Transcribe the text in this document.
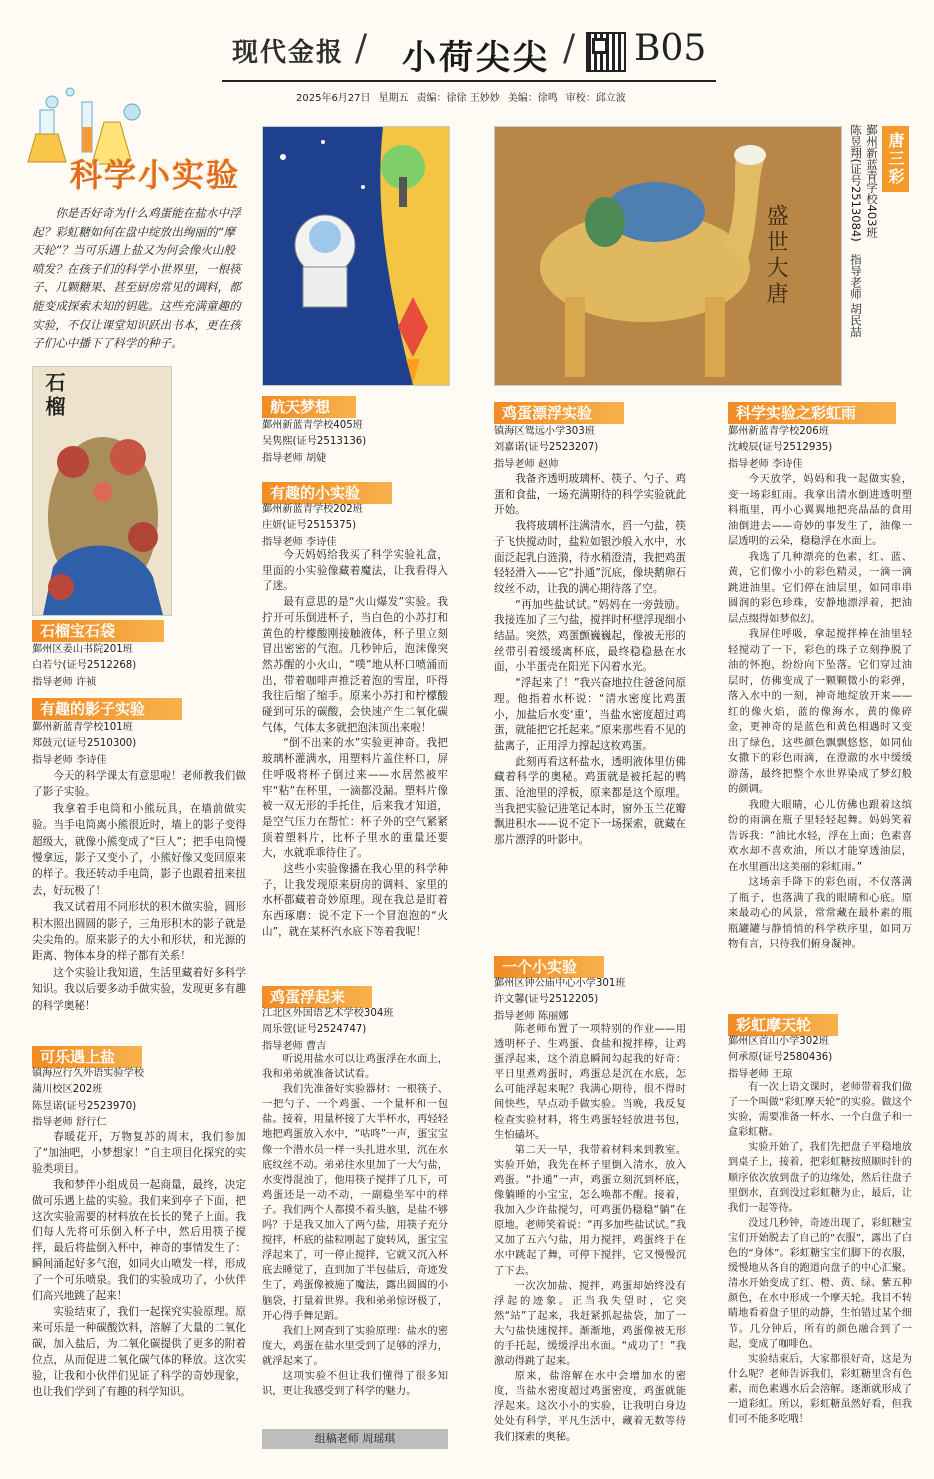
现代金报 / 小荷尖尖 / B05
2025年6月27日 星期五 责编：徐徐 王妙妙 美编：徐鸣 审校：邱立波
科学小实验
你是否好奇为什么鸡蛋能在盐水中浮起？彩虹糖如何在盘中绽放出绚丽的“摩天轮”？当可乐遇上盐又为何会像火山般喷发？在孩子们的科学小世界里，一根筷子、几颗糖果、甚至厨房常见的调料，都能变成探索未知的钥匙。这些充满童趣的实验，不仅让课堂知识跃出书本，更在孩子们心中播下了科学的种子。
石榴
石榴宝石袋
鄞州区姜山书院201班
白若兮(证号2512268)
指导老师 许祯
有趣的影子实验
鄞州新蓝青学校101班
郑鼓元(证号2510300)
指导老师 李诗佳

今天的科学课太有意思啦！老师教我们做了影子实验。

我拿着手电筒和小熊玩具，在墙前做实验。当手电筒离小熊很近时，墙上的影子变得超级大，就像小熊变成了“巨人”；把手电筒慢慢拿远，影子又变小了，小熊好像又变回原来的样子。我还转动手电筒，影子也跟着扭来扭去，好玩极了！

我又试着用不同形状的积木做实验，圆形积木照出圆圆的影子，三角形积木的影子就是尖尖角的。原来影子的大小和形状，和光源的距离、物体本身的样子都有关系！

这个实验让我知道，生活里藏着好多科学知识。我以后要多动手做实验，发现更多有趣的科学奥秘！

可乐遇上盐
镇海应行久外语实验学校
蒲川校区202班
陈昱诺(证号2523970)
指导老师 舒行仁

春暖花开，万物复苏的周末，我们参加了“加油吧，小梦想家！”自主项目化探究的实验类项目。

我和梦伴小组成员一起商量，最终，决定做可乐遇上盐的实验。我们来到亭子下面，把这次实验需要的材料放在长长的凳子上面。我们每人先将可乐倒入杯子中，然后用筷子搅拌，最后将盐倒入杯中，神奇的事情发生了：瞬间涌起好多气泡，如同火山喷发一样，形成了一个可乐喷泉。我们的实验成功了，小伙伴们高兴地跳了起来！

实验结束了，我们一起探究实验原理。原来可乐是一种碳酸饮料，溶解了大量的二氧化碳，加入盐后，为二氧化碳提供了更多的附着位点，从而促进二氧化碳气体的释放。这次实验，让我和小伙伴们见证了科学的奇妙现象，也让我们学到了有趣的科学知识。

航天梦想
鄞州新蓝青学校405班
吴隽熙(证号2513136)
指导老师 胡婕
有趣的小实验
鄞州新蓝青学校202班
庄妍(证号2515375)
指导老师 李诗佳

今天妈妈给我买了科学实验礼盒，里面的小实验像藏着魔法，让我看得入了迷。

最有意思的是“火山爆发”实验。我拧开可乐倒进杯子，当白色的小苏打和黄色的柠檬酸刚接触液体，杯子里立刻冒出密密的气泡。几秒钟后，泡沫像突然苏醒的小火山，“噗”地从杯口喷涌而出，带着咖啡声推泛着泡的雪崖，吓得我往后缩了缩手。原来小苏打和柠檬酸碰到可乐的碳酸，会快速产生二氧化碳气体，气体太多就把泡沫顶出来啦！

“倒不出来的水”实验更神奇。我把玻璃杯灌满水，用塑料片盖住杯口，屏住呼吸将杯子倒过来——水居然被牢牢“粘”在杯里，一滴都没漏。塑料片像被一双无形的手托住，后来我才知道，是空气压力在帮忙：杯子外的空气紧紧顶着塑料片，比杯子里水的重量还要大，水就乖乖待住了。

这些小实验像播在我心里的科学种子，让我发现原来厨房的调料、家里的水杯都藏着奇妙原理。现在我总是盯着东西琢磨：说不定下一个冒泡泡的“火山”，就在某杯汽水底下等着我呢！

鸡蛋浮起来
江北区外国语艺术学校304班
周乐萱(证号2524747)
指导老师 曹吉

听说用盐水可以让鸡蛋浮在水面上，我和弟弟就准备试试看。

我们先准备好实验器材：一根筷子、一把勺子、一个鸡蛋、一个量杯和一包盐。接着，用量杯接了大半杯水，再轻轻地把鸡蛋放入水中，“咕咚”一声，蛋宝宝像一个潜水员一样一头扎进水里，沉在水底纹丝不动。弟弟往水里加了一大勺盐，水变得混浊了，他用筷子搅拌了几下，可鸡蛋还是一动不动，一副稳坐军中的样子。我们两个人都摸不着头脑，是盐不够吗？于是我又加入了两勺盐，用筷子充分搅拌，杯底的盐粒刚起了旋转风，蛋宝宝浮起来了，可一停止搅拌，它就又沉入杯底去睡觉了，直到加了半包盐后，奇迹发生了，鸡蛋像被施了魔法，露出圆圆的小脑袋，打量着世界。我和弟弟惊讶极了，开心得手舞足蹈。

我们上网查到了实验原理：盐水的密度大，鸡蛋在盐水里受到了足够的浮力，就浮起来了。

这项实验不但让我们懂得了很多知识，更让我感受到了科学的魅力。

组稿老师 周瑶琪
盛世大唐
唐三彩
鄞州新蓝青学校403班
陈昱翔(证号2513084)　指导老师 胡民喆
鸡蛋漂浮实验
镇海区鸳远小学303班
刘嘉诺(证号2523207)
指导老师 赵帅

我备齐透明玻璃杯、筷子、勺子、鸡蛋和食盐，一场充满期待的科学实验就此开始。

我将玻璃杯注满清水，舀一勺盐，筷子飞快搅动时，盐粒如银沙般入水中，水面泛起乳白涟漪，待水稍澄清，我把鸡蛋轻轻滑入——它“扑通”沉底，像块鹅卵石纹丝不动，让我的满心期待落了空。

“再加些盐试试。”妈妈在一旁鼓励。我接连加了三勺盐，搅拌时杯壁浮现细小结晶。突然，鸡蛋颤巍巍起，像被无形的丝带引着缓缓离杯底，最终稳稳悬在水面，小半蛋壳在阳光下闪着水光。

“浮起来了！”我兴奋地拉住爸爸问原理。他指着水杯说：“清水密度比鸡蛋小，加盐后水变‘重’，当盐水密度超过鸡蛋，就能把它托起来。”原来那些看不见的盐离子，正用浮力撑起这枚鸡蛋。

此刻再看这杯盐水，透明液体里仿佛藏着科学的奥秘。鸡蛋就是被托起的鸭蛋、沧池里的浮板，原来都是这个原理。当我把实验记进笔记本时，窗外玉兰花瓣飘进积水——说不定下一场探索，就藏在那片漂浮的叶影中。

一个小实验
鄞州区钟公庙中心小学301班
许文馨(证号2512205)
指导老师 陈丽娜

陈老师布置了一项特别的作业——用透明杯子、生鸡蛋、食盐和搅拌棒，让鸡蛋浮起来，这个消息瞬间勾起我的好奇：平日里煮鸡蛋时，鸡蛋总是沉在水底，怎么可能浮起来呢？我满心期待，很不得时间快些，早点动手做实验。当晚，我反复检查实验材料，将生鸡蛋轻轻放进书包，生怕磕坏。

第二天一早，我带着材料来到教室。实验开始，我先在杯子里倒入清水，放入鸡蛋。“扑通”一声，鸡蛋立刻沉到杯底，像躺睡的小宝宝，怎么唤都不醒。接着，我加入少许盐搅匀，可鸡蛋仍稳稳“躺”在原地。老师笑着说：“再多加些盐试试。”我又加了五六勺盐，用力搅拌，鸡蛋终于在水中跳起了舞，可停下搅拌，它又慢慢沉了下去。

一次次加盐、搅拌，鸡蛋却始终没有浮起的迹象。正当我失望时，它突然“站”了起来，我赶紧抓起盐袋，加了一大勺盐快速搅拌。渐渐地，鸡蛋像被无形的手托起，缓缓浮出水面。“成功了！”我激动得跳了起来。

原来，盐溶解在水中会增加水的密度，当盐水密度超过鸡蛋密度，鸡蛋就能浮起来。这次小小的实验，让我明白身边处处有科学，平凡生活中，藏着无数等待我们探索的奥秘。

科学实验之彩虹雨
鄞州新蓝青学校206班
沈峻辰(证号2512935)
指导老师 李诗佳

今天放学，妈妈和我一起做实验，变一场彩虹雨。我拿出清水倒进透明塑料瓶里，再小心翼翼地把亮晶晶的食用油倒进去——奇妙的事发生了，油像一层透明的云朵，稳稳浮在水面上。

我选了几种漂亮的色素，红、蓝、黄，它们像小小的彩色精灵，一滴一滴跳进油里。它们停在油层里，如同串串圆润的彩色珍珠，安静地漂浮着，把油层点缀得如梦似幻。

我屏住呼吸，拿起搅拌棒在油里轻轻搅动了一下，彩色的珠子立刻挣脱了油的怀抱，纷纷向下坠落。它们穿过油层时，仿佛变成了一颗颗微小的彩弹，落入水中的一刻，神奇地绽放开来——红的像火焰，蓝的像海水，黄的像碎金，更神奇的是蓝色和黄色相遇时又变出了绿色，这些颜色飘飘悠悠，如同仙女撒下的彩色雨滴，在澄澈的水中缓缓游荡，最终把整个水世界染成了梦幻般的颜调。

我瞪大眼睛，心儿仿佛也跟着这缤纷的雨滴在瓶子里轻轻起舞。妈妈笑着告诉我：“油比水轻，浮在上面；色素喜欢水却不喜欢油，所以才能穿透油层，在水里画出这美丽的彩虹雨。”

这场亲手降下的彩色雨，不仅落满了瓶子，也落满了我的眼睛和心底。原来最动心的风景，常常藏在最朴素的瓶瓶罐罐与静悄悄的科学秩序里，如同万物有言，只待我们俯身凝神。

彩虹摩天轮
鄞州区首山小学302班
何承原(证号2580436)
指导老师 王琼

有一次上语文课时，老师带着我们做了一个叫做“彩虹摩天轮”的实验。做这个实验，需要准备一杯水、一个白盘子和一盒彩虹糖。

实验开始了，我们先把盘子平稳地放到桌子上，接着，把彩虹糖按照顺时针的顺序依次放到盘子的边缘处，然后往盘子里倒水，直到没过彩虹糖为止，最后，让我们一起等待。

没过几秒钟，奇迹出现了，彩虹糖宝宝们开始脱去了自己的“衣服”，露出了白色的“身体”。彩虹糖宝宝们脚下的衣服，缓慢地从各自的跑道向盘子的中心汇聚。清水开始变成了红、橙、黄、绿、紫五种颜色，在水中形成一个摩天轮。我目不转睛地看着盘子里的动静，生怕错过某个细节。几分钟后，所有的颜色融合到了一起，变成了咖啡色。

实验结束后，大家都很好奇，这是为什么呢？老师告诉我们，彩虹糖里含有色素，而色素遇水后会溶解。逐渐就形成了一道彩虹。所以，彩虹糖虽然好看，但我们可不能多吃哦！
